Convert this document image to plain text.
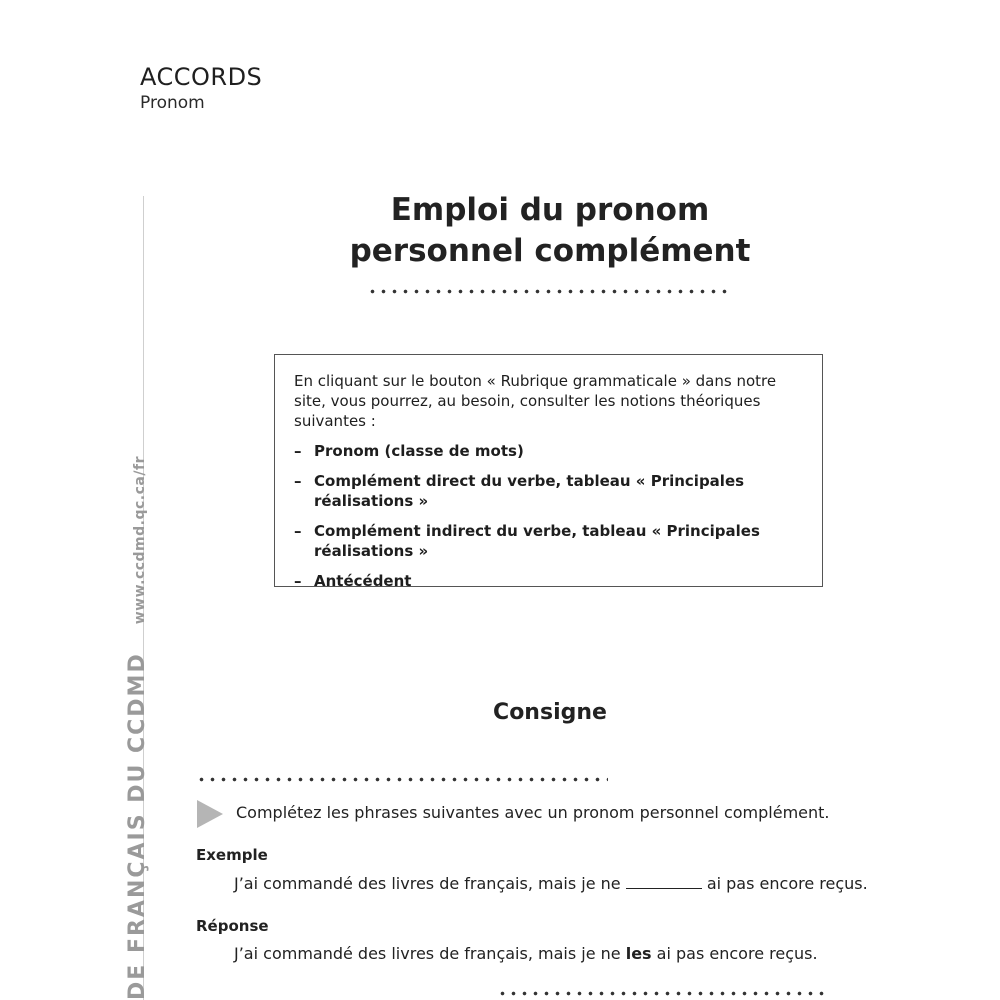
ACCORDS
Pronom
DE FRANÇAIS DU CCDMDwww.ccdmd.qc.ca/fr
Emploi du pronom
personnel complément

En cliquant sur le bouton « Rubrique grammaticale » dans notre site, vous pourrez, au besoin, consulter les notions théoriques suivantes :

– Pronom (classe de mots)
– Complément direct du verbe, tableau « Principales réalisations »
– Complément indirect du verbe, tableau « Principales réalisations »
– Antécédent
Consigne
Complétez les phrases suivantes avec un pronom personnel complément.
Exemple
J’ai commandé des livres de français, mais je ne	ai pas encore reçus.
Réponse
J’ai commandé des livres de français, mais je ne les ai pas encore reçus.
